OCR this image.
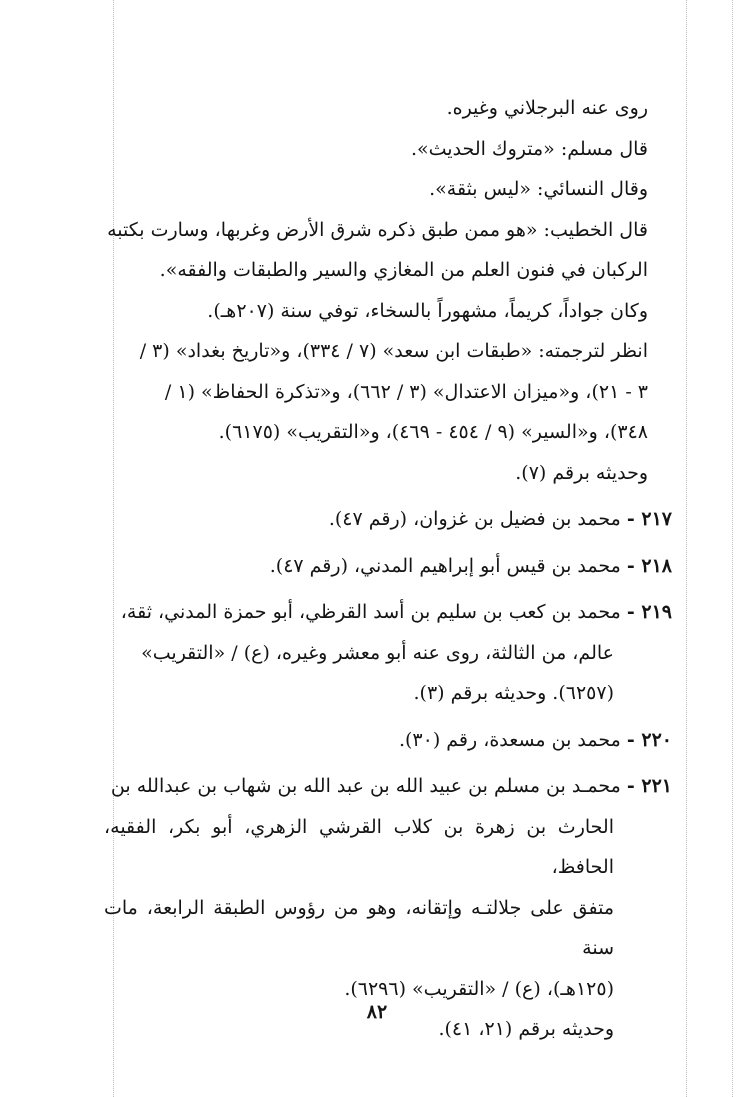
روى عنه البرجلاني وغيره.

قال مسلم: «متروك الحديث».

وقال النسائي: «ليس بثقة».

قال الخطيب: «هو ممن طبق ذكره شرق الأرض وغربها، وسارت بكتبه

الركبان في فنون العلم من المغازي والسير والطبقات والفقه».

وكان جواداً، كريماً، مشهوراً بالسخاء، توفي سنة (٢٠٧هـ).

انظر لترجمته: «طبقات ابن سعد» (٧ / ٣٣٤)، و«تاريخ بغداد» (٣ /

٣ - ٢١)، و«ميزان الاعتدال» (٣ / ٦٦٢)، و«تذكرة الحفاظ» (١ /

٣٤٨)، و«السير» (٩ / ٤٥٤ - ٤٦٩)، و«التقريب» (٦١٧٥).

وحديثه برقم (٧).

٢١٧ - محمد بن فضيل بن غزوان، (رقم ٤٧).
٢١٨ - محمد بن قيس أبو إبراهيم المدني، (رقم ٤٧).
٢١٩ - محمد بن كعب بن سليم بن أسد القرظي، أبو حمزة المدني، ثقة،
عالم، من الثالثة، روى عنه أبو معشر وغيره، (ع) / «التقريب»
(٦٢٥٧). وحديثه برقم (٣).
٢٢٠ - محمد بن مسعدة، رقم (٣٠).
٢٢١ - محمـد بن مسلم بن عبيد الله بن عبد الله بن شهاب بن عبدالله بن
الحارث بن زهرة بن كلاب القرشي الزهري، أبو بكر، الفقيه، الحافظ،
متفق على جلالتـه وإتقانه، وهو من رؤوس الطبقة الرابعة، مات سنة
(١٢٥هـ)، (ع) / «التقريب» (٦٢٩٦).
وحديثه برقم (٢١، ٤١).
٨٢
